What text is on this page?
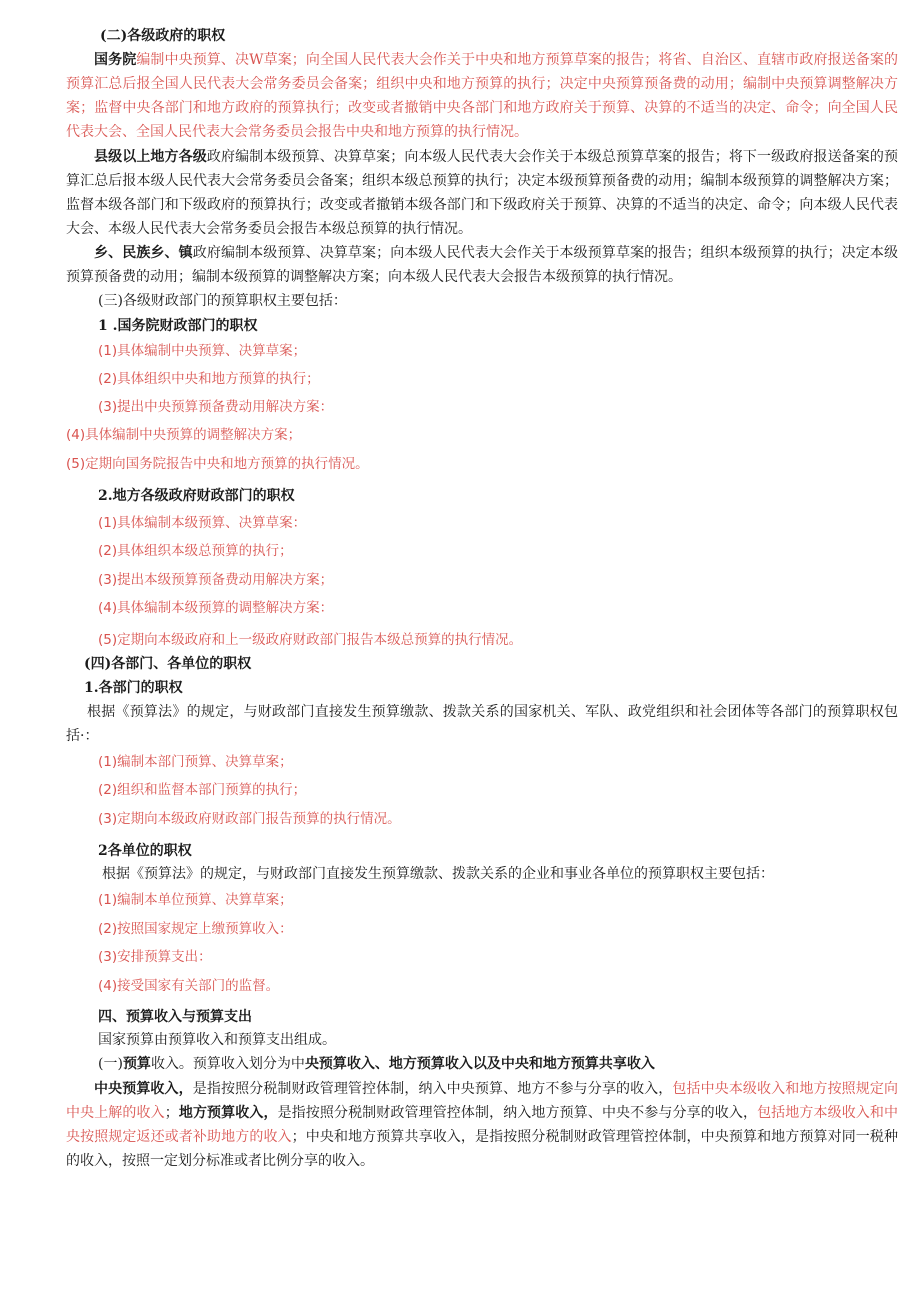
(二)各级政府的职权
国务院编制中央预算、决W草案；向全国人民代表大会作关于中央和地方预算草案的报告；将省、自治区、直辖市政府报送备案的预算汇总后报全国人民代表大会常务委员会备案；组织中央和地方预算的执行；决定中央预算预备费的动用；编制中央预算调整解决方案；监督中央各部门和地方政府的预算执行；改变或者撤销中央各部门和地方政府关于预算、决算的不适当的决定、命令；向全国人民代表大会、全国人民代表大会常务委员会报告中央和地方预算的执行情况。
县级以上地方各级政府编制本级预算、决算草案；向本级人民代表大会作关于本级总预算草案的报告；将下一级政府报送备案的预算汇总后报本级人民代表大会常务委员会备案；组织本级总预算的执行；决定本级预算预备费的动用；编制本级预算的调整解决方案；监督本级各部门和下级政府的预算执行；改变或者撤销本级各部门和下级政府关于预算、决算的不适当的决定、命令；向本级人民代表大会、本级人民代表大会常务委员会报告本级总预算的执行情况。
乡、民族乡、镇政府编制本级预算、决算草案；向本级人民代表大会作关于本级预算草案的报告；组织本级预算的执行；决定本级预算预备费的动用；编制本级预算的调整解决方案；向本级人民代表大会报告本级预算的执行情况。
(三)各级财政部门的预算职权主要包括：
1 .国务院财政部门的职权
(1)具体编制中央预算、决算草案；
(2)具体组织中央和地方预算的执行；
(3)提出中央预算预备费动用解决方案：
(4)具体编制中央预算的调整解决方案；
(5)定期向国务院报告中央和地方预算的执行情况。
2.地方各级政府财政部门的职权
(1)具体编制本级预算、决算草案：
(2)具体组织本级总预算的执行；
(3)提出本级预算预备费动用解决方案；
(4)具体编制本级预算的调整解决方案：
(5)定期向本级政府和上一级政府财政部门报告本级总预算的执行情况。
(四)各部门、各单位的职权
1.各部门的职权
根据《预算法》的规定，与财政部门直接发生预算缴款、拨款关系的国家机关、军队、政党组织和社会团体等各部门的预算职权包括·：
(1)编制本部门预算、决算草案；
(2)组织和监督本部门预算的执行；
(3)定期向本级政府财政部门报告预算的执行情况。
2各单位的职权
根据《预算法》的规定，与财政部门直接发生预算缴款、拨款关系的企业和事业各单位的预算职权主要包括：
(1)编制本单位预算、决算草案；
(2)按照国家规定上缴预算收入：
(3)安排预算支出：
(4)接受国家有关部门的监督。
四、预算收入与预算支出
国家预算由预算收入和预算支出组成。
(一)预算收入。预算收入划分为中央预算收入、地方预算收入以及中央和地方预算共享收入
中央预算收入，是指按照分税制财政管理管控体制，纳入中央预算、地方不参与分享的收入，包括中央本级收入和地方按照规定向中央上解的收入；地方预算收入，是指按照分税制财政管理管控体制，纳入地方预算、中央不参与分享的收入，包括地方本级收入和中央按照规定返还或者补助地方的收入；中央和地方预算共享收入，是指按照分税制财政管理管控体制，中央预算和地方预算对同一税种的收入，按照一定划分标准或者比例分享的收入。
